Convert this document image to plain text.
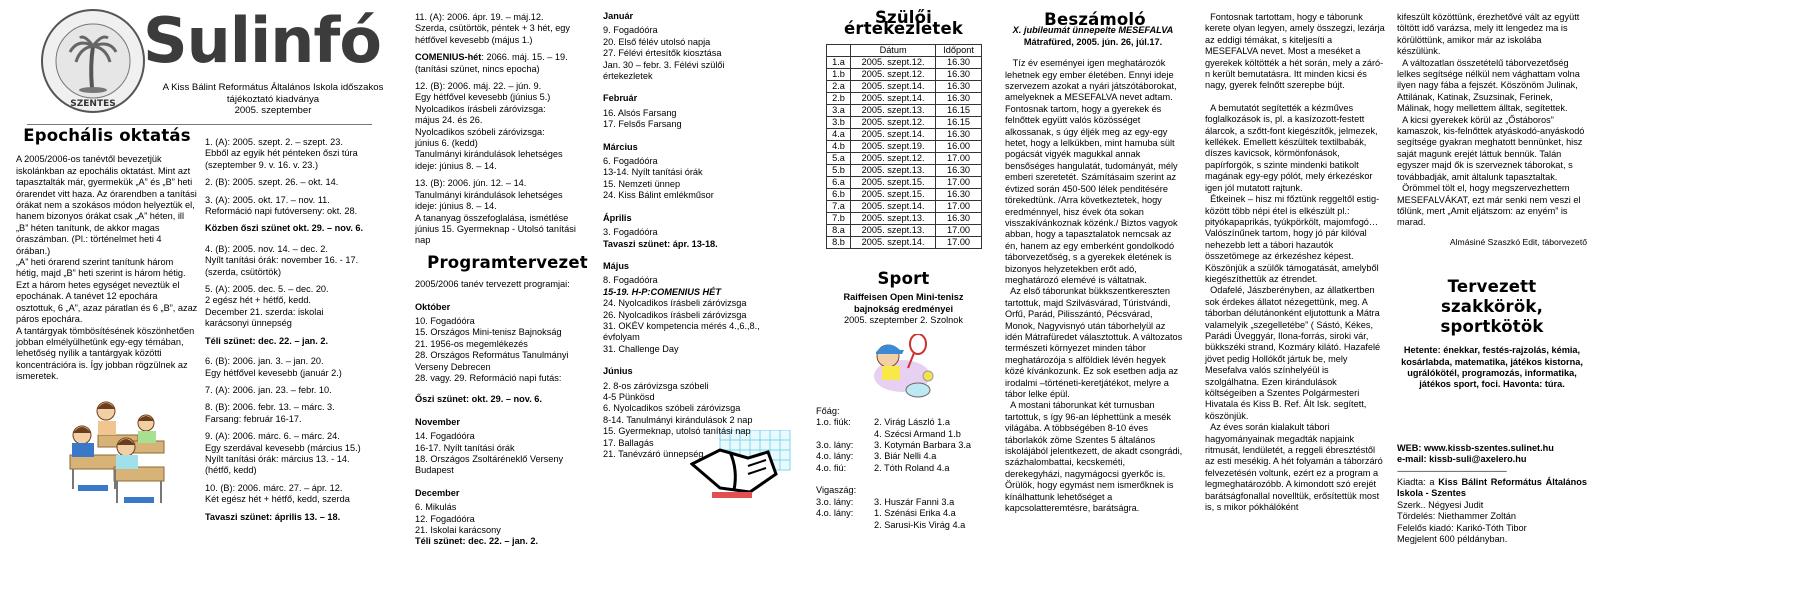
SZENTES
Sulinfó
A Kiss Bálint Református Általános Iskola időszakos
tájékoztató kiadványa
2005. szeptember
Epochális oktatás

A 2005/2006-os tanévtől bevezetjük iskolánkban az epochális oktatást. Mint azt tapasztalták már, gyermekük „A” és „B” heti órarendet vitt haza. Az órarendben a tanítási órákat nem a szokásos módon helyeztük el, hanem bizonyos órákat csak „A” héten, ill „B” héten tanítunk, de akkor magas óraszámban. (Pl.: történelmet heti 4 órában.)

„A” heti órarend szerint tanítunk három hétig, majd „B” heti szerint is három hétig. Ezt a három hetes egységet neveztük el epochának. A tanévet 12 epochára osztottuk, 6 „A”, azaz páratlan és 6 „B”, azaz páros epochára.

A tantárgyak tömbösítésének köszönhetően jobban elmélyülhetünk egy-egy témában, lehetőség nyílik a tantárgyak közötti koncentrációra is. Így jobban rögzülnek az ismeretek.

1. (A): 2005. szept. 2. – szept. 23.
Ebből az egyik hét pénteken őszi túra
(szeptember 9. v. 16. v. 23.)
2. (B): 2005. szept. 26. – okt. 14.
3. (A): 2005. okt. 17. – nov. 11.
Reformáció napi futóverseny: okt. 28.
Közben őszi szünet okt. 29. – nov. 6.
4. (B): 2005. nov. 14. – dec. 2.
Nyílt tanítási órák: november 16. - 17.
(szerda, csütörtök)
5. (A): 2005. dec. 5. – dec. 20.
2 egész hét + hétfő, kedd.
December 21. szerda: iskolai
karácsonyi ünnepség
Téli szünet: dec. 22. – jan. 2.
6. (B): 2006. jan. 3. – jan. 20.
Egy hétfővel kevesebb (január 2.)
7. (A): 2006. jan. 23. – febr. 10.
8. (B): 2006. febr. 13. – márc. 3.
Farsang: február 16-17.
9. (A): 2006. márc. 6. – márc. 24.
Egy szerdával kevesebb (március 15.)
Nyílt tanítási órák: március 13. - 14.
(hétfő, kedd)
10. (B): 2006. márc. 27. – ápr. 12.
Két egész hét + hétfő, kedd, szerda
Tavaszi szünet: április 13. – 18.
11. (A): 2006. ápr. 19. – máj.12.
Szerda, csütörtök, péntek + 3 hét, egy
hétfővel kevesebb (május 1.)
COMENIUS-hét: 2066. máj. 15. – 19.
(tanítási szünet, nincs epocha)
12. (B): 2006. máj. 22. – jún. 9.
Egy hétfővel kevesebb (június 5.)
Nyolcadikos írásbeli záróvizsga:
május 24. és 26.
Nyolcadikos szóbeli záróvizsga:
június 6. (kedd)
Tanulmányi kirándulások lehetséges
ideje: június 8. – 14.
13. (B): 2006. jún. 12. – 14.
Tanulmányi kirándulások lehetséges
ideje: június 8. – 14.
A tananyag összefoglalása, ismétlése
június 15. Gyermeknap - Utolsó tanítási
nap
Programtervezet
2005/2006 tanév tervezett programjai:
Október
10. Fogadóóra
15. Országos Mini-tenisz Bajnokság
21. 1956-os megemlékezés
28. Országos Református Tanulmányi
Verseny Debrecen
28. vagy. 29. Reformáció napi futás:
Őszi szünet: okt. 29. – nov. 6.
November
14. Fogadóóra
16-17. Nyílt tanítási órák
18. Országos Zsoltáréneklő Verseny
Budapest
December
6. Mikulás
12. Fogadóóra
21. Iskolai karácsony
Téli szünet: dec. 22. – jan. 2.
Január
9. Fogadóóra
20. Első félév utolsó napja
27. Félévi értesítők kiosztása
Jan. 30 – febr. 3. Félévi szülői
értekezletek
Február
16. Alsós Farsang
17. Felsős Farsang
Március
6. Fogadóóra
13-14. Nyílt tanítási órák
15. Nemzeti ünnep
24. Kiss Bálint emlékműsor
Április
3. Fogadóóra
Tavaszi szünet: ápr. 13-18.
Május
8. Fogadóóra
15-19. H-P:COMENIUS HÉT
24. Nyolcadikos írásbeli záróvizsga
26. Nyolcadikos írásbeli záróvizsga
31. OKÉV kompetencia mérés 4.,6.,8.,
évfolyam
31. Challenge Day
Június
2. 8-os záróvizsga szóbeli
4-5 Pünkösd
6. Nyolcadikos szóbeli záróvizsga
8-14. Tanulmányi kirándulások 2 nap
15. Gyermeknap, utolsó tanítási nap
17. Ballagás
21. Tanévzáró ünnepség
Szülői értekezletek
	Dátum	Időpont
1.a	2005. szept.12.	16.30
1.b	2005. szept.12.	16.30
2.a	2005. szept.14.	16.30
2.b	2005. szept.14.	16.30
3.a	2005. szept.13.	16.15
3.b	2005. szept.12.	16.15
4.a	2005. szept.14.	16.30
4.b	2005. szept.19.	16.00
5.a	2005. szept.12.	17.00
5.b	2005. szept.13.	16.30
6.a	2005. szept.15.	17.00
6.b	2005. szept.15.	16.30
7.a	2005. szept.14.	17.00
7.b	2005. szept.13.	16.30
8.a	2005. szept.13.	17.00
8.b	2005. szept.14.	17.00
Sport
Raiffeisen Open Mini-tenisz
bajnokság eredményei
2005. szeptember 2. Szolnok
Főág:
1.o. fiúk:	2. Virág László 1.a
4. Szécsi Armand 1.b
3.o. lány:	3. Kotymán Barbara 3.a
4.o. lány:	3. Biár Nelli 4.a
4.o. fiú:	2. Tóth Roland 4.a
Vigaszág:
3.o. lány:	3. Huszár Fanni 3.a
4.o. lány:	1. Szénási Erika 4.a
2. Sarusi-Kis Virág 4.a
Beszámoló
X. jubileumát ünnepelte MESEFALVA
Mátrafüred, 2005. jún. 26, júl.17.

Tíz év eseményei igen meghatározók lehetnek egy ember életében. Ennyi ideje szervezem azokat a nyári játszótáborokat, amelyeknek a MESEFALVA nevet adtam. Fontosnak tartom, hogy a gyerekek és felnőttek együtt valós közösséget alkossanak, s úgy éljék meg az egy-egy hetet, hogy a lelkükben, mint hamuba sült pogácsát vigyék magukkal annak bensőséges hangulatát, tudományát, mély emberi szeretetét. Számításaim szerint az évtized során 450-500 lélek penditésére törekedtünk. /Arra következtetek, hogy eredménnyel, hisz évek óta sokan visszakívánkoznak közénk./ Biztos vagyok abban, hogy a tapasztalatok nemcsak az én, hanem az egy emberként gondolkodó táborvezetőség, s a gyerekek életének is bizonyos helyzetekben erőt adó, meghatározó elemévé is váltatnak.

Az első táborunkat bükkszentkereszten tartottuk, majd Szilvásvárad, Túristvándi, Orfű, Parád, Pilisszántó, Pécsvárad, Monok, Nagyvisnyó után táborhelyül az idén Mátrafüredet választottuk. A változatos természeti környezet minden tábor meghatározója s alföldiek lévén hegyek közé kívánkozunk. Ez sok esetben adja az irodalmi –történeti-keretjátékot, melyre a tábor lelke épül.

A mostani táborunkat két turnusban tartottuk, s így 96-an léphettünk a mesék világába. A többségében 8-10 éves táborlakók zöme Szentes 5 általános iskolájából jelentkezett, de akadt csongrádi, százhalombattai, kecskeméti, derekegyházi, nagymágocsi gyerkőc is. Örülök, hogy egymást nem ismerőknek is kínálhattunk lehetőséget a kapcsolatteremtésre, barátságra.

Fontosnak tartottam, hogy e táborunk kerete olyan legyen, amely összegzi, lezárja az eddigi témákat, s kiteljesíti a MESEFALVA nevet. Most a meséket a gyerekek költötték a hét során, mely a zárón került bemutatásra. Itt minden kicsi és nagy, gyerek felnőtt szerepbe bújt.

A bemutatót segítették a kézműves foglalkozások is, pl. a kasízozott-festett álarcok, a szőtt-font kiegészítők, jelmezek, kellékek. Emellett készültek textilbabák, díszes kavicsok, körmönfonások, papírforgók, s szinte mindenki batikolt magának egy-egy pólót, mely érkezéskor igen jól mutatott rajtunk.

Étkeinek – hisz mi főztünk reggeltől estig- között több népi étel is elkészült pl.: pityókapaprikás, tyúkpörkölt, majomfogó… Valószínűnek tartom, hogy jó pár kilóval nehezebb lett a tábori hazautók összetömege az érkezéshez képest. Köszönjük a szülők támogatását, amelyből kiegészíthettük az étrendet.

Odafelé, Jászberényben, az állatkertben sok érdekes állatot nézegettünk, meg. A táborban délutánonként eljutottunk a Mátra valamelyik „szegelletébe” ( Sástó, Kékes, Parádi Üveggyár, Ilona-forrás, siroki vár, bükkszéki strand, Kozmáry kilátó. Hazafelé jövet pedig Hollókőt jártuk be, mely Mesefalva valós színhelyéül is szolgálhatna. Ezen kirándulások költségeiben a Szentes Polgármesteri Hivatala és Kiss B. Ref. Ált Isk. segített, köszönjük.

Az éves során kialakult tábori hagyományainak megadták napjaink ritmusát, lendületét, a reggeli ébresztéstől az esti mesékig. A hét folyamán a táborzáró felvezetésén voltunk, ezért ez a program a legmeghatározóbb. A kimondott szó erejét barátságfonallal novelltük, erősítettük most is, s mikor pókhálóként

kifeszült közöttünk, érezhetővé vált az együtt töltött idő varázsa, mely itt lengedez ma is körülöttünk, amikor már az iskolába készülünk.

A változatlan összetételű táborvezetőség lelkes segítsége nélkül nem vághattam volna ilyen nagy fába a fejszét. Köszönöm Julinak, Attilának, Katinak, Zsuzsinak, Ferinek, Málinak, hogy mellettem álltak, segítettek.

A kicsi gyerekek körül az „Őstáboros” kamaszok, kis-felnőttek atyáskodó-anyáskodó segítsége gyakran meghatott bennünket, hisz saját magunk erejét láttuk bennük. Talán egyszer majd ők is szerveznek táborokat, s továbbadják, amit általunk tapasztaltak.

Örömmel tölt el, hogy megszervezhettem MESEFALVÁKAT, ezt már senki nem veszi el tőlünk, mert „Amit eljátszom: az enyém” is marad.

Almásiné Szaszkó Edit, táborvezető
Tervezett szakkörök,
sportkötök
Hetente: énekkar, festés-rajzolás, kémia, kosárlabda, matematika, játékos kistorna, ugrálókötél, programozás, informatika, játékos sport, foci. Havonta: túra.
WEB: www.kissb-szentes.sulinet.hu
e-mail: kissb-suli@axelero.hu
-----------------------------------------------------
Kiadta: a Kiss Bálint Református Általános Iskola - Szentes
Szerk.. Négyesi Judit
Tördelés: Niethammer Zoltán
Felelős kiadó: Karikó-Tóth Tibor
Megjelent 600 példányban.
